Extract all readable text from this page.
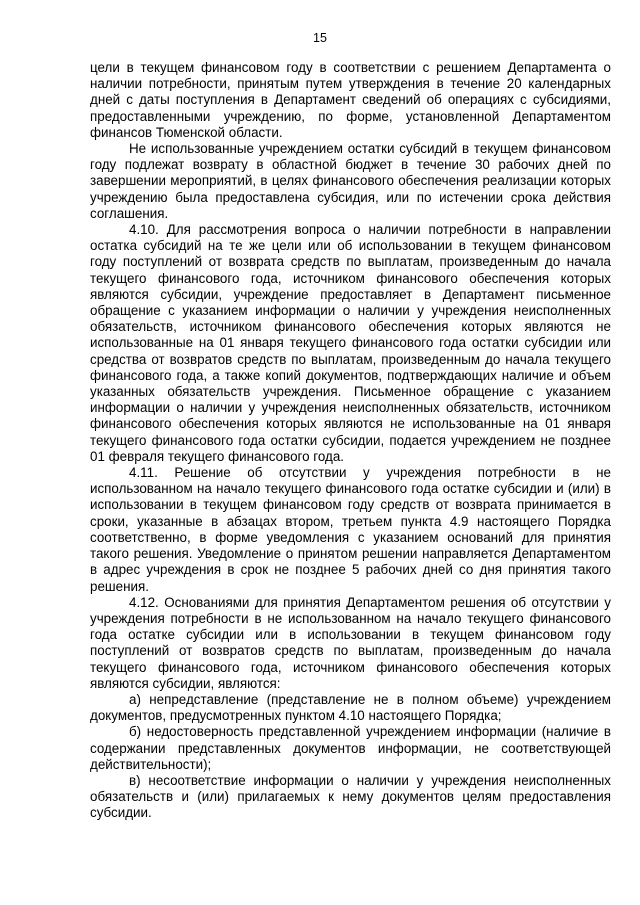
15

цели в текущем финансовом году в соответствии с решением Департамента о наличии потребности, принятым путем утверждения в течение 20 календарных дней с даты поступления в Департамент сведений об операциях с субсидиями, предоставленными учреждению, по форме, установленной Департаментом финансов Тюменской области.

Не использованные учреждением остатки субсидий в текущем финансовом году подлежат возврату в областной бюджет в течение 30 рабочих дней по завершении мероприятий, в целях финансового обеспечения реализации которых учреждению была предоставлена субсидия, или по истечении срока действия соглашения.

4.10. Для рассмотрения вопроса о наличии потребности в направлении остатка субсидий на те же цели или об использовании в текущем финансовом году поступлений от возврата средств по выплатам, произведенным до начала текущего финансового года, источником финансового обеспечения которых являются субсидии, учреждение предоставляет в Департамент письменное обращение с указанием информации о наличии у учреждения неисполненных обязательств, источником финансового обеспечения которых являются не использованные на 01 января текущего финансового года остатки субсидии или средства от возвратов средств по выплатам, произведенным до начала текущего финансового года, а также копий документов, подтверждающих наличие и объем указанных обязательств учреждения. Письменное обращение с указанием информации о наличии у учреждения неисполненных обязательств, источником финансового обеспечения которых являются не использованные на 01 января текущего финансового года остатки субсидии, подается учреждением не позднее 01 февраля текущего финансового года.

4.11. Решение об отсутствии у учреждения потребности в не использованном на начало текущего финансового года остатке субсидии и (или) в использовании в текущем финансовом году средств от возврата принимается в сроки, указанные в абзацах втором, третьем пункта 4.9 настоящего Порядка соответственно, в форме уведомления с указанием оснований для принятия такого решения. Уведомление о принятом решении направляется Департаментом в адрес учреждения в срок не позднее 5 рабочих дней со дня принятия такого решения.

4.12. Основаниями для принятия Департаментом решения об отсутствии у учреждения потребности в не использованном на начало текущего финансового года остатке субсидии или в использовании в текущем финансовом году поступлений от возвратов средств по выплатам, произведенным до начала текущего финансового года, источником финансового обеспечения которых являются субсидии, являются:

а) непредставление (представление не в полном объеме) учреждением документов, предусмотренных пунктом 4.10 настоящего Порядка;

б) недостоверность представленной учреждением информации (наличие в содержании представленных документов информации, не соответствующей действительности);

в) несоответствие информации о наличии у учреждения неисполненных обязательств и (или) прилагаемых к нему документов целям предоставления субсидии.
